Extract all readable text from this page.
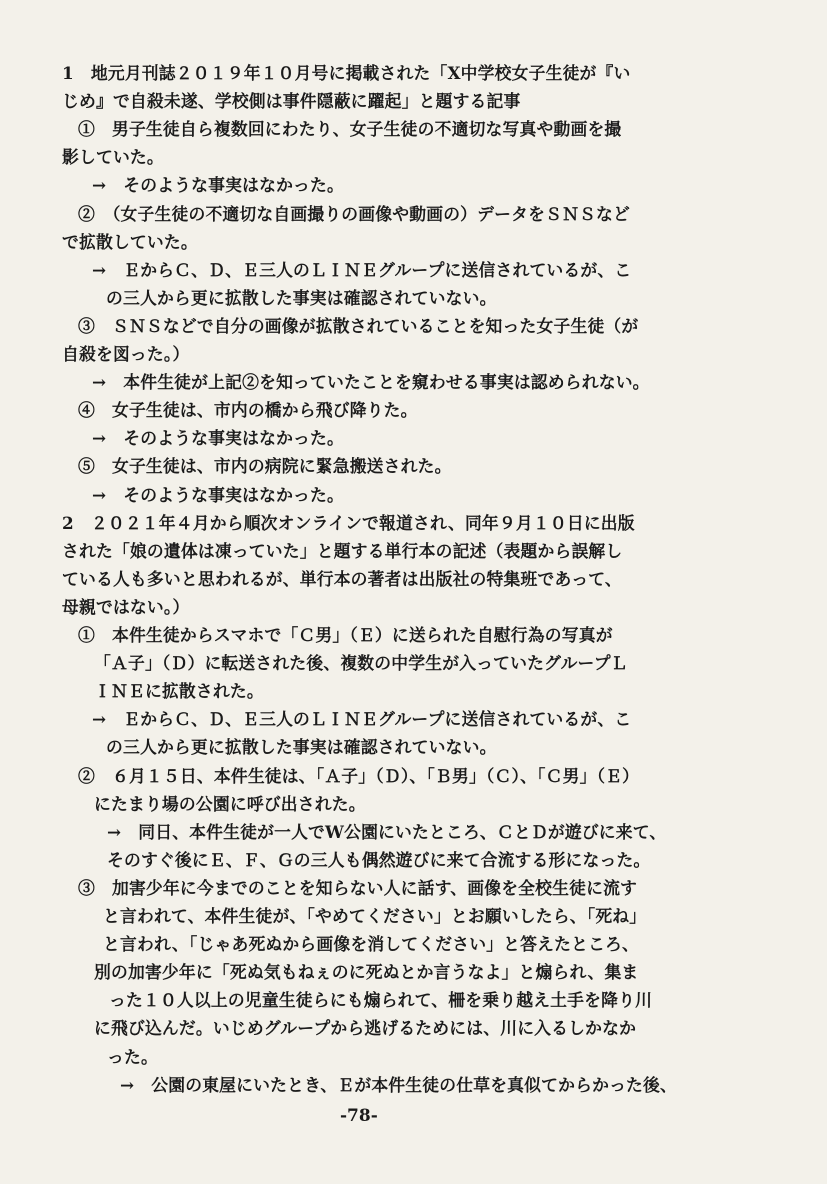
1　地元月刊誌２０１９年１０月号に掲載された「X中学校女子生徒が『い
じめ』で自殺未遂、学校側は事件隠蔽に躍起」と題する記事
①　男子生徒自ら複数回にわたり、女子生徒の不適切な写真や動画を撮
影していた。
→　そのような事実はなかった。
②　（女子生徒の不適切な自画撮りの画像や動画の）データをＳＮＳなど
で拡散していた。
→　ＥからＣ、Ｄ、Ｅ三人のＬＩＮＥグループに送信されているが、こ
の三人から更に拡散した事実は確認されていない。
③　ＳＮＳなどで自分の画像が拡散されていることを知った女子生徒（が
自殺を図った。）
→　本件生徒が上記②を知っていたことを窺わせる事実は認められない。
④　女子生徒は、市内の橋から飛び降りた。
→　そのような事実はなかった。
⑤　女子生徒は、市内の病院に緊急搬送された。
→　そのような事実はなかった。
2　２０２１年４月から順次オンラインで報道され、同年９月１０日に出版
された「娘の遺体は凍っていた」と題する単行本の記述（表題から誤解し
ている人も多いと思われるが、単行本の著者は出版社の特集班であって、
母親ではない。）
①　本件生徒からスマホで「Ｃ男」（Ｅ）に送られた自慰行為の写真が
「Ａ子」（Ｄ）に転送された後、複数の中学生が入っていたグループＬ
ＩＮＥに拡散された。
→　ＥからＣ、Ｄ、Ｅ三人のＬＩＮＥグループに送信されているが、こ
の三人から更に拡散した事実は確認されていない。
②　６月１５日、本件生徒は、「Ａ子」（Ｄ）、「Ｂ男」（Ｃ）、「Ｃ男」（Ｅ）
にたまり場の公園に呼び出された。
→　同日、本件生徒が一人でW公園にいたところ、ＣとＤが遊びに来て、
そのすぐ後にＥ、Ｆ、Ｇの三人も偶然遊びに来て合流する形になった。
③　加害少年に今までのことを知らない人に話す、画像を全校生徒に流す
と言われて、本件生徒が、「やめてください」とお願いしたら、「死ね」
と言われ、「じゃあ死ぬから画像を消してください」と答えたところ、
別の加害少年に「死ぬ気もねぇのに死ぬとか言うなよ」と煽られ、集ま
った１０人以上の児童生徒らにも煽られて、柵を乗り越え土手を降り川
に飛び込んだ。いじめグループから逃げるためには、川に入るしかなか
った。
→　公園の東屋にいたとき、Ｅが本件生徒の仕草を真似てからかった後、
-78-
